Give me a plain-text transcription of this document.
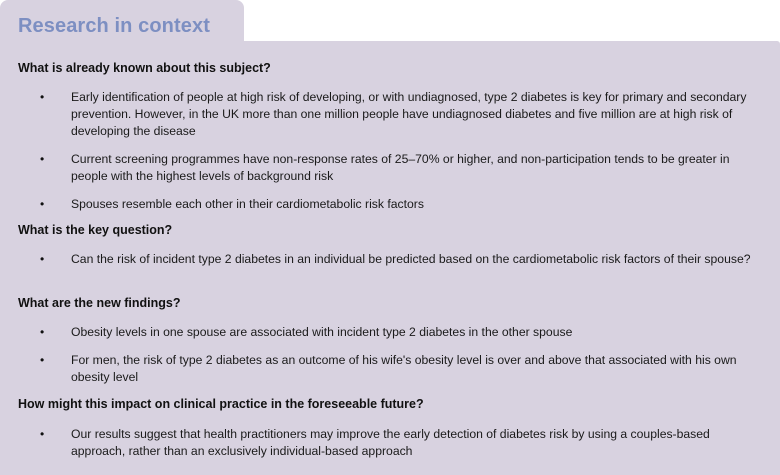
Research in context
What is already known about this subject?
• Early identification of people at high risk of developing, or with undiagnosed, type 2 diabetes is key for primary and secondary prevention. However, in the UK more than one million people have undiagnosed diabetes and five million are at high risk of developing the disease
• Current screening programmes have non-response rates of 25–70% or higher, and non-participation tends to be greater in people with the highest levels of background risk
• Spouses resemble each other in their cardiometabolic risk factors
What is the key question?
• Can the risk of incident type 2 diabetes in an individual be predicted based on the cardiometabolic risk factors of their spouse?
What are the new findings?
• Obesity levels in one spouse are associated with incident type 2 diabetes in the other spouse
• For men, the risk of type 2 diabetes as an outcome of his wife's obesity level is over and above that associated with his own obesity level
How might this impact on clinical practice in the foreseeable future?
• Our results suggest that health practitioners may improve the early detection of diabetes risk by using a couples-based approach, rather than an exclusively individual-based approach
